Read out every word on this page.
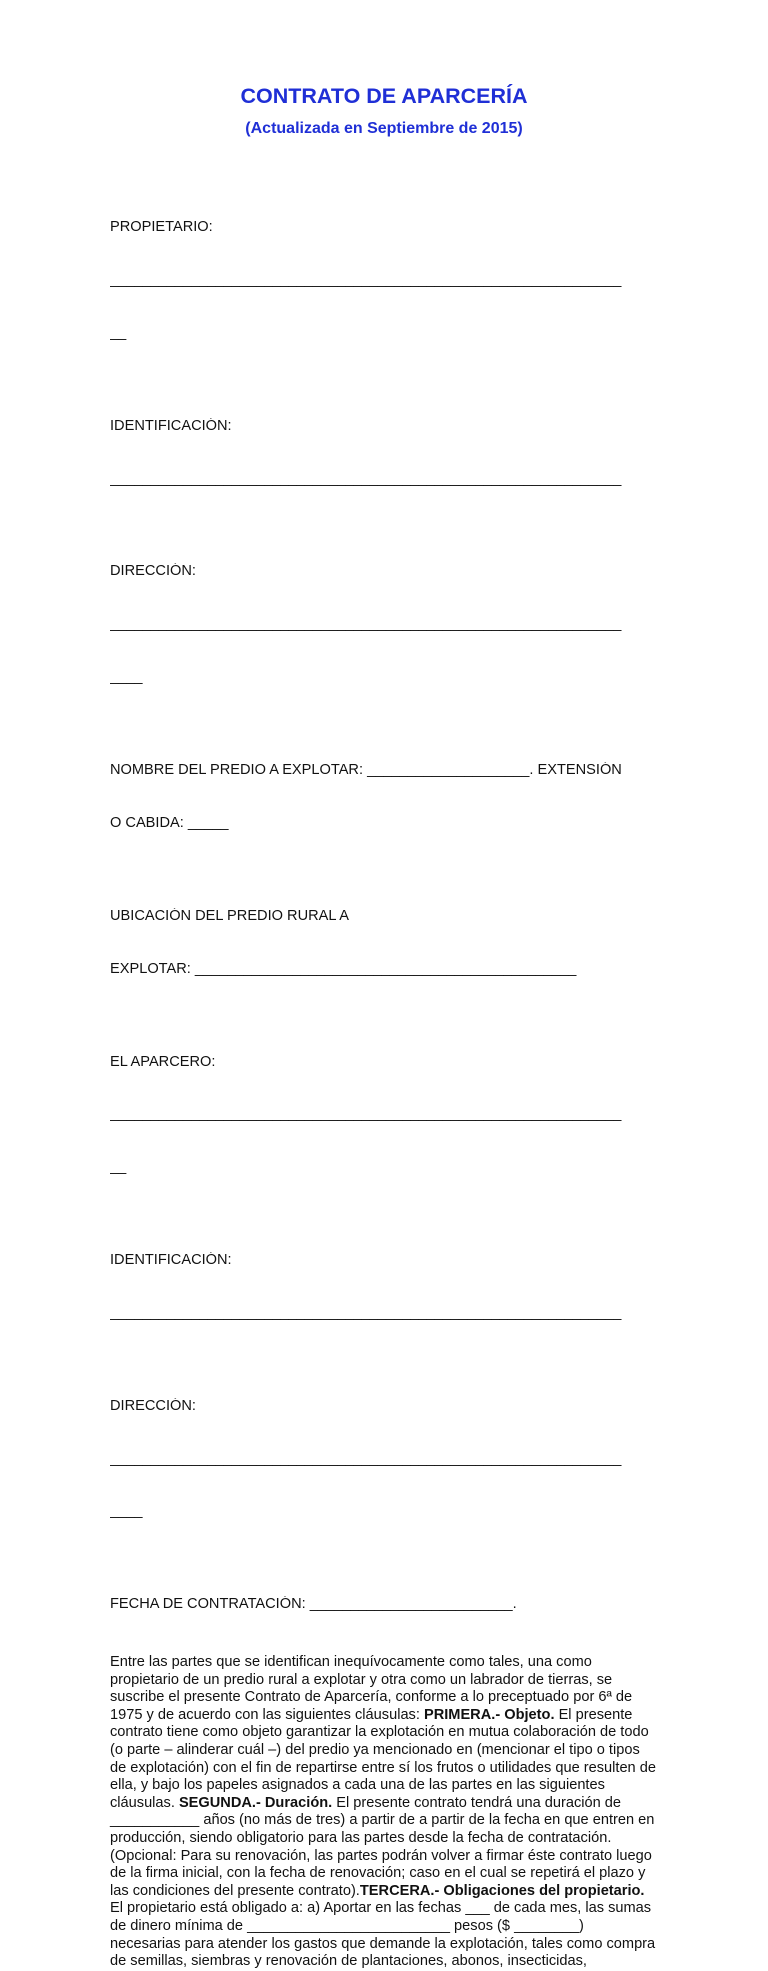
CONTRATO DE APARCERÍA
(Actualizada en Septiembre de 2015)

PROPIETARIO:

_______________________________________________________________

__

IDENTIFICACIÓN:

_______________________________________________________________

DIRECCIÓN:

_______________________________________________________________

____

NOMBRE DEL PREDIO A EXPLOTAR: ____________________. EXTENSIÓN

O CABIDA: _____

UBICACIÓN DEL PREDIO RURAL A

EXPLOTAR: _______________________________________________

EL APARCERO:

_______________________________________________________________

__

IDENTIFICACIÓN:

_______________________________________________________________

DIRECCIÓN:

_______________________________________________________________

____

FECHA DE CONTRATACIÓN: _________________________.

Entre las partes que se identifican inequívocamente como tales, una como propietario de un predio rural a explotar y otra como un labrador de tierras, se suscribe el presente Contrato de Aparcería, conforme a lo preceptuado por 6ª de 1975 y de acuerdo con las siguientes cláusulas: PRIMERA.- Objeto. El presente contrato tiene como objeto garantizar la explotación en mutua colaboración de todo (o parte – alinderar cuál –) del predio ya mencionado en (mencionar el tipo o tipos de explotación) con el fin de repartirse entre sí los frutos o utilidades que resulten de ella, y bajo los papeles asignados a cada una de las partes en las siguientes cláusulas. SEGUNDA.- Duración. El presente contrato tendrá una duración de ___________ años (no más de tres) a partir de a partir de la fecha en que entren en producción, siendo obligatorio para las partes desde la fecha de contratación. (Opcional: Para su renovación, las partes podrán volver a firmar éste contrato luego de la firma inicial, con la fecha de renovación; caso en el cual se repetirá el plazo y las condiciones del presente contrato).TERCERA.- Obligaciones del propietario. El propietario está obligado a: a) Aportar en las fechas ___ de cada mes, las sumas de dinero mínima de _________________________ pesos ($ ________) necesarias para atender los gastos que demande la explotación, tales como compra de semillas, siembras y renovación de plantaciones, abonos, insecticidas,
